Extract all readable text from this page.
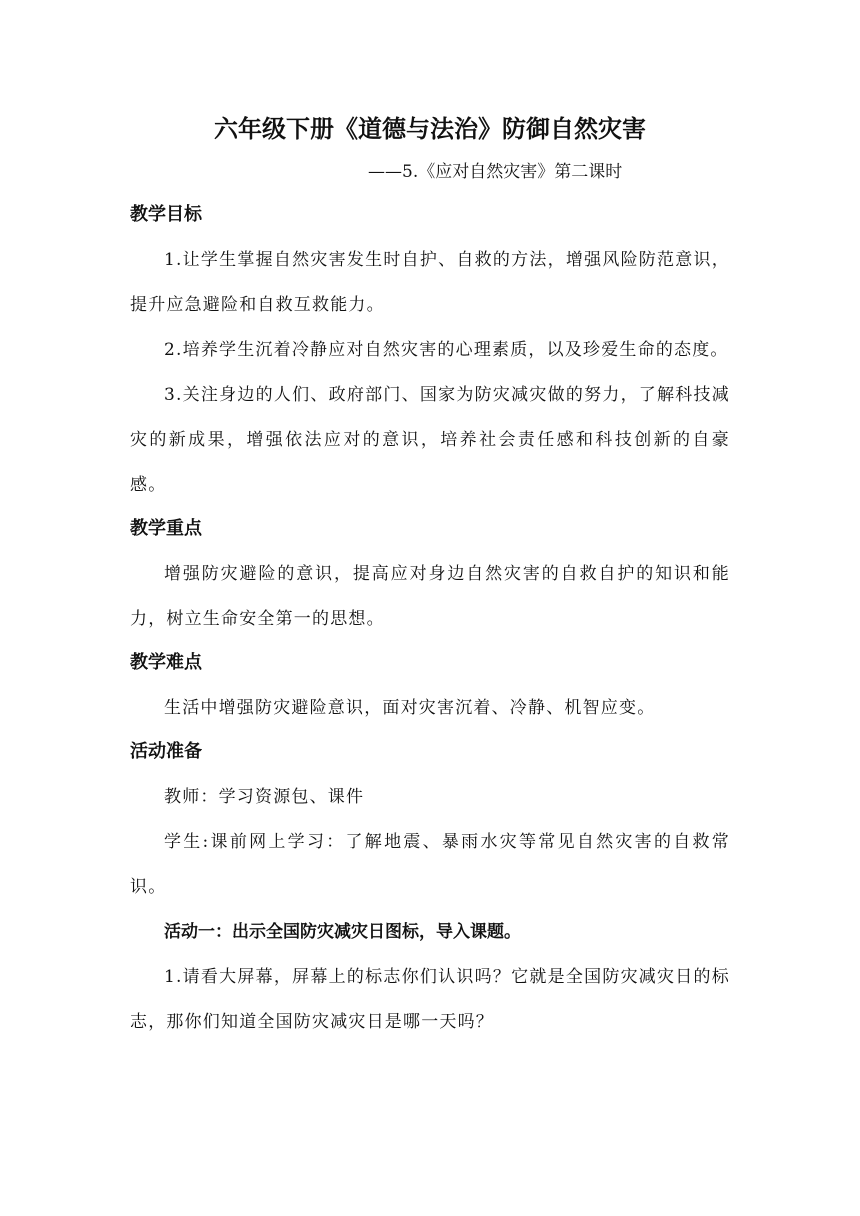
六年级下册《道德与法治》防御自然灾害

——5.《应对自然灾害》第二课时

教学目标

1.让学生掌握自然灾害发生时自护、自救的方法，增强风险防范意识，提升应急避险和自救互救能力。

2.培养学生沉着冷静应对自然灾害的心理素质，以及珍爱生命的态度。

3.关注身边的人们、政府部门、国家为防灾减灾做的努力，了解科技减灾的新成果，增强依法应对的意识，培养社会责任感和科技创新的自豪感。

教学重点

增强防灾避险的意识，提高应对身边自然灾害的自救自护的知识和能力，树立生命安全第一的思想。

教学难点

生活中增强防灾避险意识，面对灾害沉着、冷静、机智应变。

活动准备

教师：学习资源包、课件

学生:课前网上学习：了解地震、暴雨水灾等常见自然灾害的自救常识。

活动一：出示全国防灾减灾日图标，导入课题。

1.请看大屏幕，屏幕上的标志你们认识吗？它就是全国防灾减灾日的标志，那你们知道全国防灾减灾日是哪一天吗？
